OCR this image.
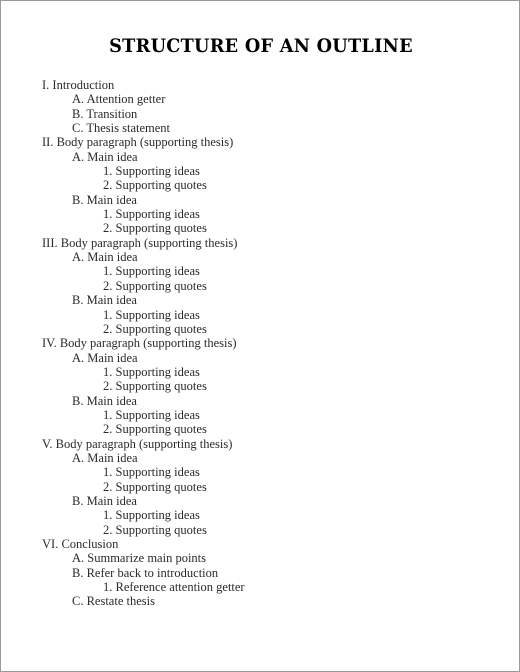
STRUCTURE OF AN OUTLINE
I. Introduction
A. Attention getter
B. Transition
C. Thesis statement
II. Body paragraph (supporting thesis)
A. Main idea
1. Supporting ideas
2. Supporting quotes
B. Main idea
1. Supporting ideas
2. Supporting quotes
III. Body paragraph (supporting thesis)
A. Main idea
1. Supporting ideas
2. Supporting quotes
B. Main idea
1. Supporting ideas
2. Supporting quotes
IV. Body paragraph (supporting thesis)
A. Main idea
1. Supporting ideas
2. Supporting quotes
B. Main idea
1. Supporting ideas
2. Supporting quotes
V. Body paragraph (supporting thesis)
A. Main idea
1. Supporting ideas
2. Supporting quotes
B. Main idea
1. Supporting ideas
2. Supporting quotes
VI. Conclusion
A. Summarize main points
B. Refer back to introduction
1. Reference attention getter
C. Restate thesis
